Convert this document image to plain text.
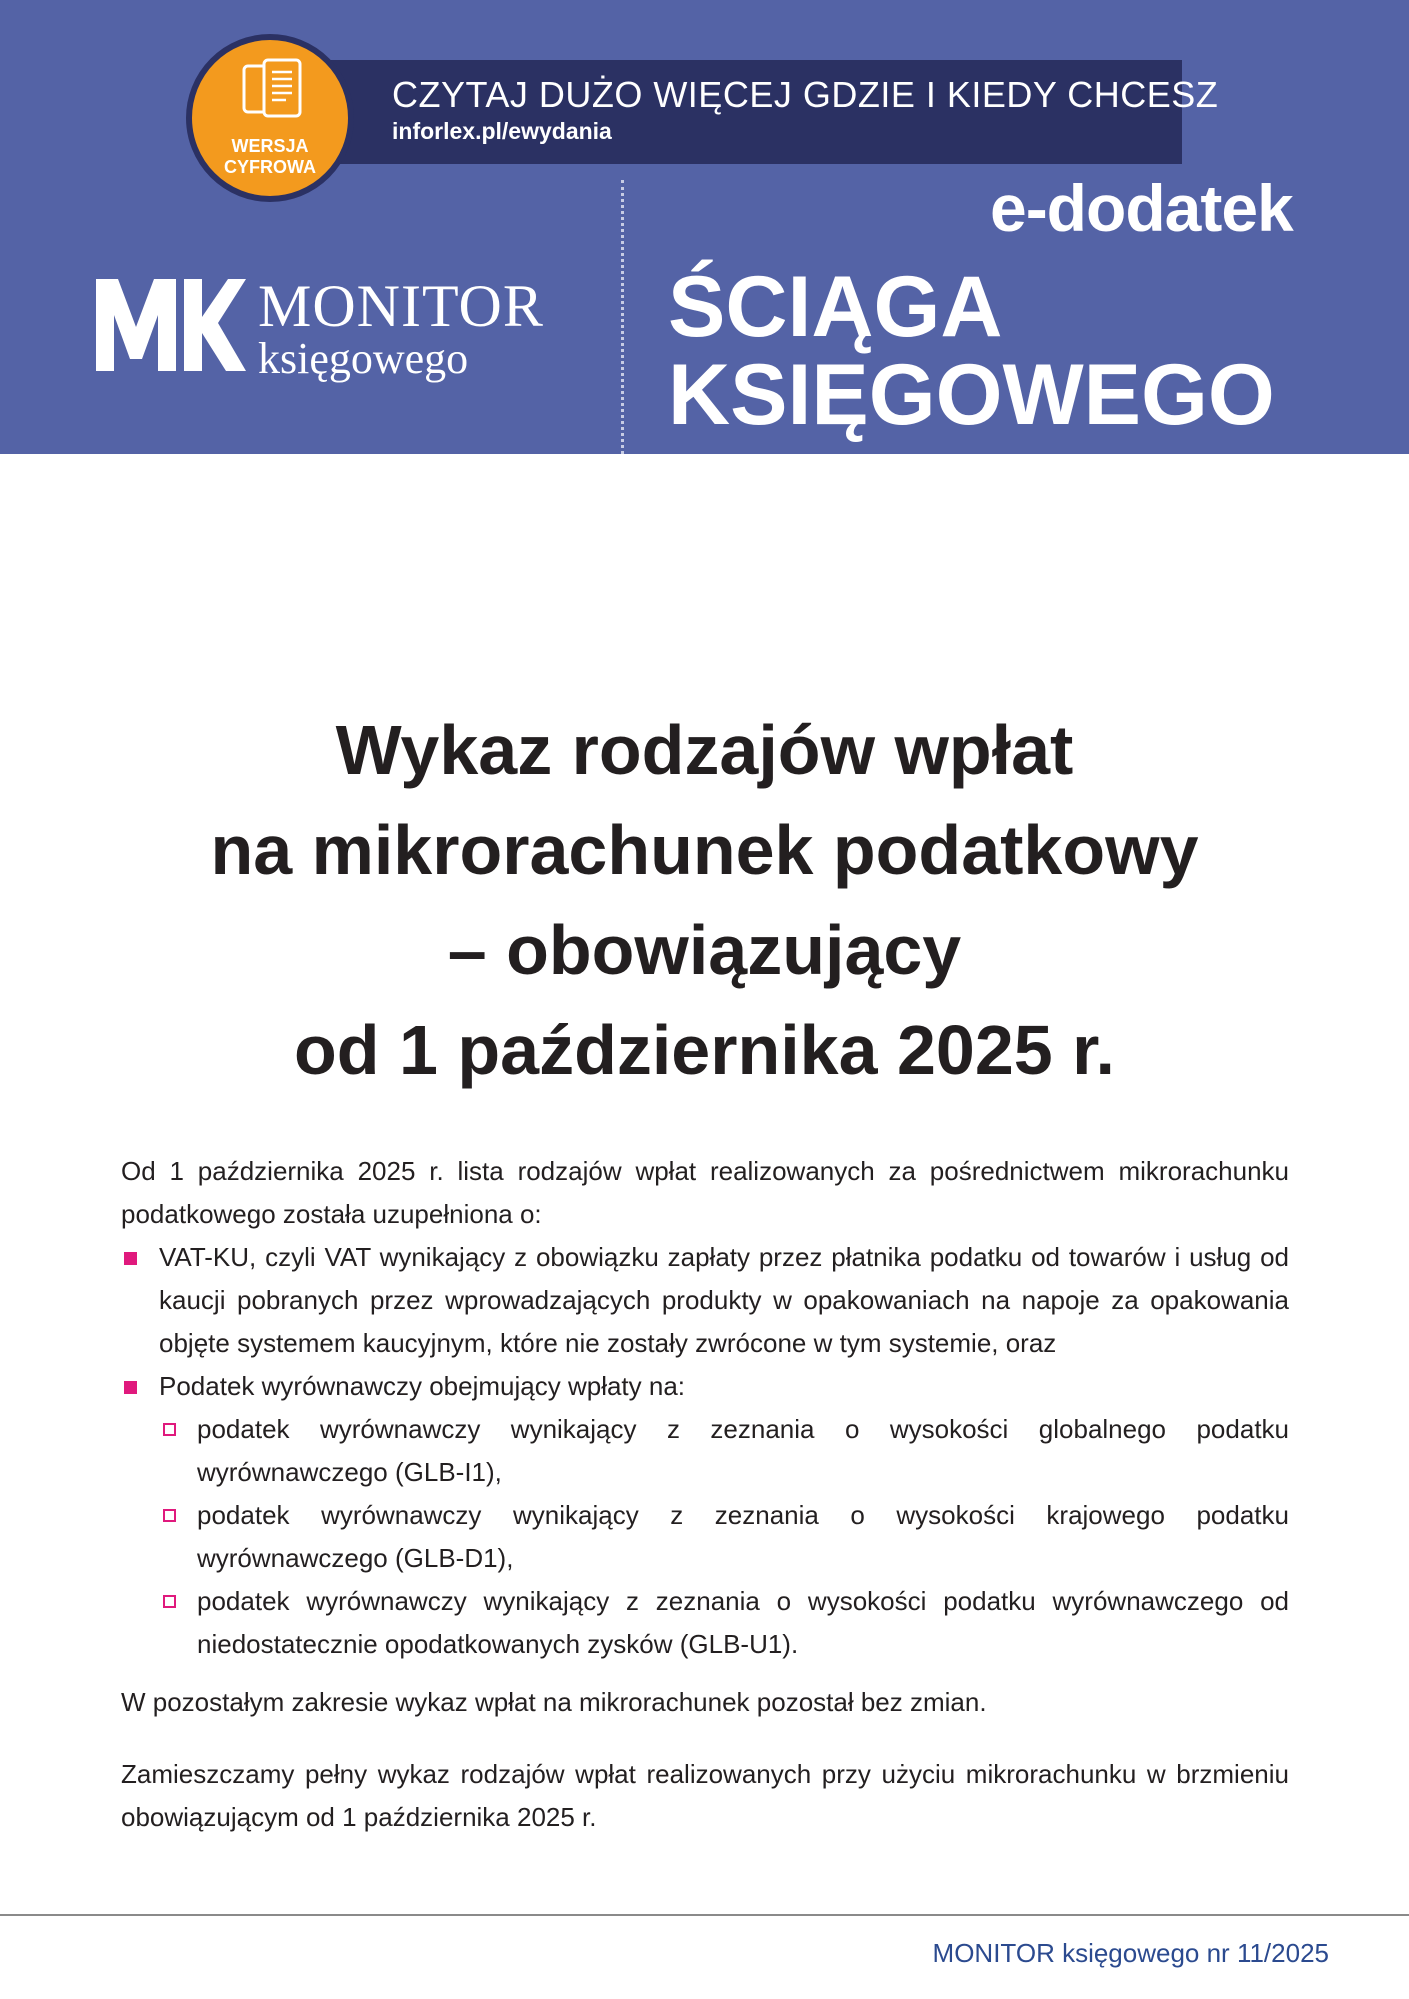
CZYTAJ DUŻO WIĘCEJ GDZIE I KIEDY CHCESZ
inforlex.pl/ewydania
WERSJA
CYFROWA
e-dodatek
ŚCIĄGA
KSIĘGOWEGO
MONITOR
księgowego
Wykaz rodzajów wpłat
na mikrorachunek podatkowy
– obowiązujący
od 1 października 2025 r.

Od 1 października 2025 r. lista rodzajów wpłat realizowanych za pośrednictwem mikrorachunku podatkowego została uzupełniona o:

VAT-KU, czyli VAT wynikający z obowiązku zapłaty przez płatnika podatku od towarów i usług od kaucji pobranych przez wprowadzających produkty w opakowaniach na napoje za opakowania objęte systemem kaucyjnym, które nie zostały zwrócone w tym systemie, oraz
Podatek wyrównawczy obejmujący wpłaty na:
podatek wyrównawczy wynikający z zeznania o wysokości globalnego podatku wyrównawczego (GLB-I1),
podatek wyrównawczy wynikający z zeznania o wysokości krajowego podatku wyrównawczego (GLB-D1),
podatek wyrównawczy wynikający z zeznania o wysokości podatku wyrównawczego od niedostatecznie opodatkowanych zysków (GLB-U1).

W pozostałym zakresie wykaz wpłat na mikrorachunek pozostał bez zmian.

Zamieszczamy pełny wykaz rodzajów wpłat realizowanych przy użyciu mikrorachunku w brzmieniu obowiązującym od 1 października 2025 r.

MONITOR księgowego nr 11/2025
